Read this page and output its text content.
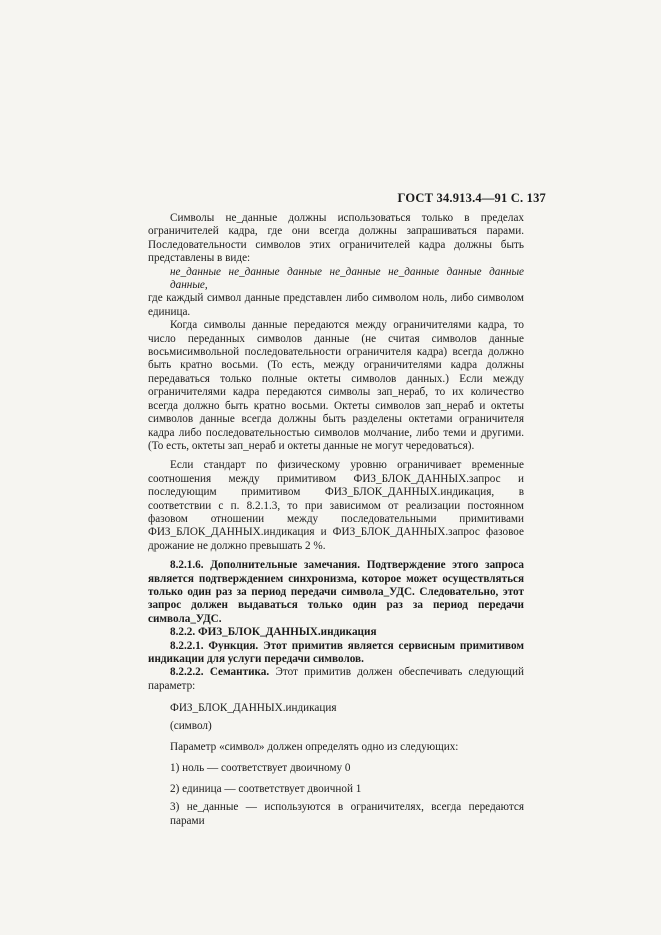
ГОСТ 34.913.4—91 С. 137

Символы не_данные должны использоваться только в пределах ограничителей кадра, где они всегда должны запрашиваться парами. Последовательности символов этих ограничителей кадра должны быть представлены в виде:

не_данные не_данные данные не_данные не_данные данные данные данные,

где каждый символ данные представлен либо символом ноль, либо символом единица.

Когда символы данные передаются между ограничителями кадра, то число переданных символов данные (не считая символов данные восьмисимвольной последовательности ограничителя кадра) всегда должно быть кратно восьми. (То есть, между ограничителями кадра должны передаваться только полные октеты символов данных.) Если между ограничителями кадра передаются символы зап_нераб, то их количество всегда должно быть кратно восьми. Октеты символов зап_нераб и октеты символов данные всегда должны быть разделены октетами ограничителя кадра либо последовательностью символов молчание, либо теми и другими. (То есть, октеты зап_нераб и октеты данные не могут чередоваться).

Если стандарт по физическому уровню ограничивает временные соотношения между примитивом ФИЗ_БЛОК_ДАННЫХ.запрос и последующим примитивом ФИЗ_БЛОК_ДАННЫХ.индикация, в соответствии с п. 8.2.1.3, то при зависимом от реализации постоянном фазовом отношении между последовательными примитивами ФИЗ_БЛОК_ДАННЫХ.индикация и ФИЗ_БЛОК_ДАННЫХ.запрос фазовое дрожание не должно превышать 2 %.

8.2.1.6. Дополнительные замечания. Подтверждение этого запроса является подтверждением синхронизма, которое может осуществляться только один раз за период передачи символа_УДС. Следовательно, этот запрос должен выдаваться только один раз за период передачи символа_УДС.

8.2.2. ФИЗ_БЛОК_ДАННЫХ.индикация

8.2.2.1. Функция. Этот примитив является сервисным примитивом индикации для услуги передачи символов.

8.2.2.2. Семантика. Этот примитив должен обеспечивать следующий параметр:

ФИЗ_БЛОК_ДАННЫХ.индикация

(символ)

Параметр «символ» должен определять одно из следующих:

1) ноль — соответствует двоичному 0

2) единица — соответствует двоичной 1

3) не_данные — используются в ограничителях, всегда передаются парами
